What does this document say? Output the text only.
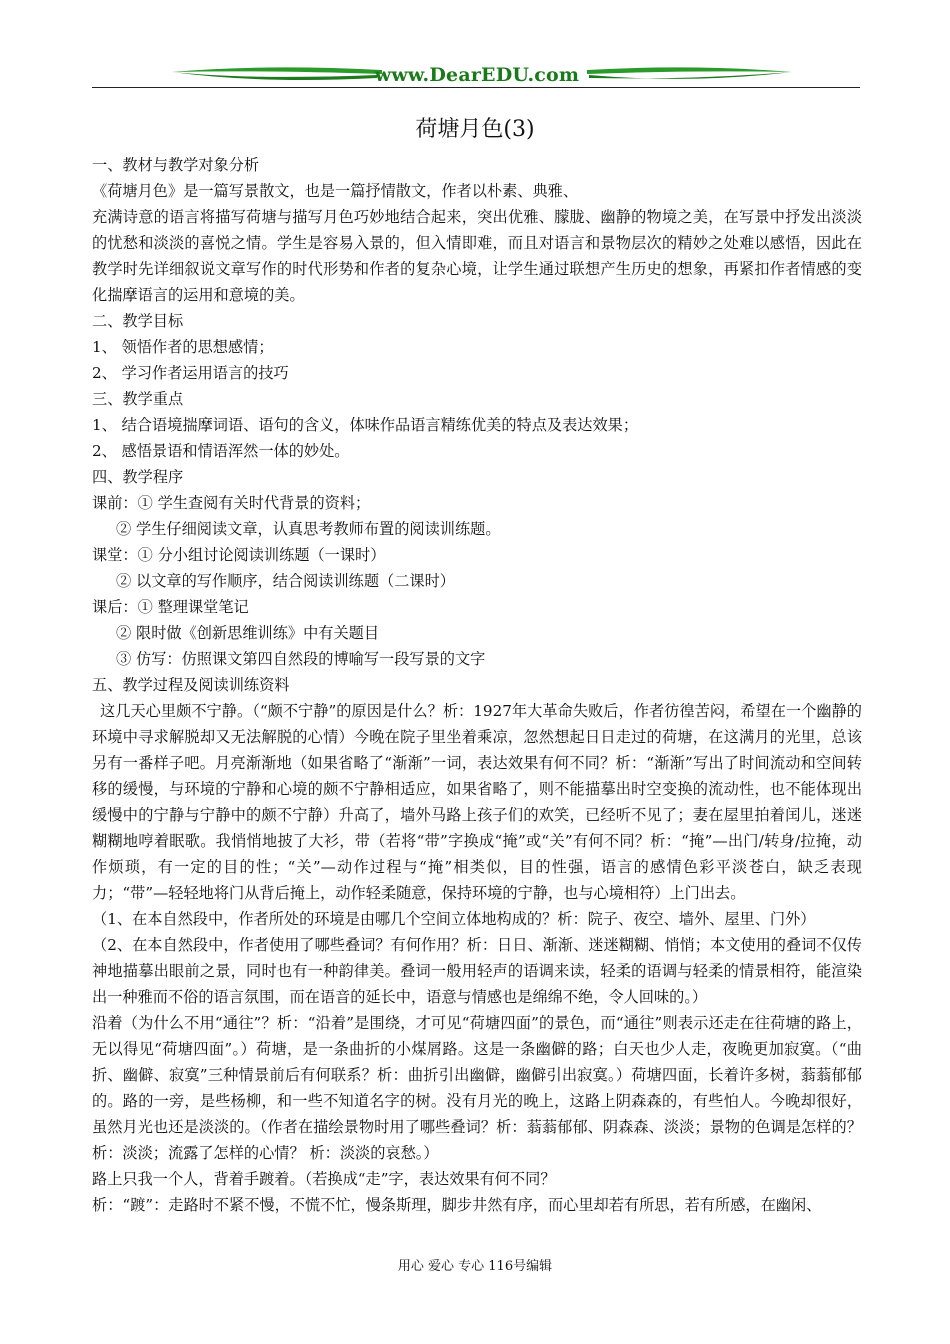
www.DearEDU.com
荷塘月色(3)

一、教材与教学对象分析

《荷塘月色》是一篇写景散文，也是一篇抒情散文，作者以朴素、典雅、

充满诗意的语言将描写荷塘与描写月色巧妙地结合起来，突出优雅、朦胧、幽静的物境之美，在写景中抒发出淡淡的忧愁和淡淡的喜悦之情。学生是容易入景的，但入情即难，而且对语言和景物层次的精妙之处难以感悟，因此在教学时先详细叙说文章写作的时代形势和作者的复杂心境，让学生通过联想产生历史的想象，再紧扣作者情感的变化揣摩语言的运用和意境的美。

二、教学目标

1、 领悟作者的思想感情；

2、 学习作者运用语言的技巧

三、教学重点

1、 结合语境揣摩词语、语句的含义，体味作品语言精练优美的特点及表达效果；

2、 感悟景语和情语浑然一体的妙处。

四、教学程序

课前：① 学生查阅有关时代背景的资料；

② 学生仔细阅读文章，认真思考教师布置的阅读训练题。

课堂：① 分小组讨论阅读训练题（一课时）

② 以文章的写作顺序，结合阅读训练题（二课时）

课后：① 整理课堂笔记

② 限时做《创新思维训练》中有关题目

③ 仿写：仿照课文第四自然段的博喻写一段写景的文字

五、教学过程及阅读训练资料

这几天心里颇不宁静。（“颇不宁静”的原因是什么？析：1927年大革命失败后，作者彷徨苦闷，希望在一个幽静的环境中寻求解脱却又无法解脱的心情）今晚在院子里坐着乘凉，忽然想起日日走过的荷塘，在这满月的光里，总该另有一番样子吧。月亮渐渐地（如果省略了“渐渐”一词，表达效果有何不同？析：“渐渐”写出了时间流动和空间转移的缓慢，与环境的宁静和心境的颇不宁静相适应，如果省略了，则不能描摹出时空变换的流动性，也不能体现出缓慢中的宁静与宁静中的颇不宁静）升高了，墙外马路上孩子们的欢笑，已经听不见了；妻在屋里拍着闰儿，迷迷糊糊地哼着眠歌。我悄悄地披了大衫，带（若将“带”字换成“掩”或“关”有何不同？析：“掩”—出门/转身/拉掩，动作烦琐，有一定的目的性；“关”—动作过程与“掩”相类似，目的性强，语言的感情色彩平淡苍白，缺乏表现力；“带”—轻轻地将门从背后掩上，动作轻柔随意，保持环境的宁静，也与心境相符）上门出去。

（1、在本自然段中，作者所处的环境是由哪几个空间立体地构成的？析：院子、夜空、墙外、屋里、门外）

（2、在本自然段中，作者使用了哪些叠词？有何作用？析：日日、渐渐、迷迷糊糊、悄悄；本文使用的叠词不仅传神地描摹出眼前之景，同时也有一种韵律美。叠词一般用轻声的语调来读，轻柔的语调与轻柔的情景相符，能渲染出一种雅而不俗的语言氛围，而在语音的延长中，语意与情感也是绵绵不绝，令人回味的。）

沿着（为什么不用“通往”？析：“沿着”是围绕，才可见“荷塘四面”的景色，而“通往”则表示还走在往荷塘的路上，无以得见“荷塘四面”。）荷塘，是一条曲折的小煤屑路。这是一条幽僻的路；白天也少人走，夜晚更加寂寞。（“曲折、幽僻、寂寞”三种情景前后有何联系？析：曲折引出幽僻，幽僻引出寂寞。）荷塘四面，长着许多树，蓊蓊郁郁的。路的一旁，是些杨柳，和一些不知道名字的树。没有月光的晚上，这路上阴森森的，有些怕人。今晚却很好，虽然月光也还是淡淡的。（作者在描绘景物时用了哪些叠词？析：蓊蓊郁郁、阴森森、淡淡；景物的色调是怎样的？析：淡淡；流露了怎样的心情？ 析：淡淡的哀愁。）

路上只我一个人，背着手踱着。（若换成“走”字，表达效果有何不同？

析：“踱”：走路时不紧不慢，不慌不忙，慢条斯理，脚步井然有序，而心里却若有所思，若有所感，在幽闲、

用心 爱心 专心 116号编辑
